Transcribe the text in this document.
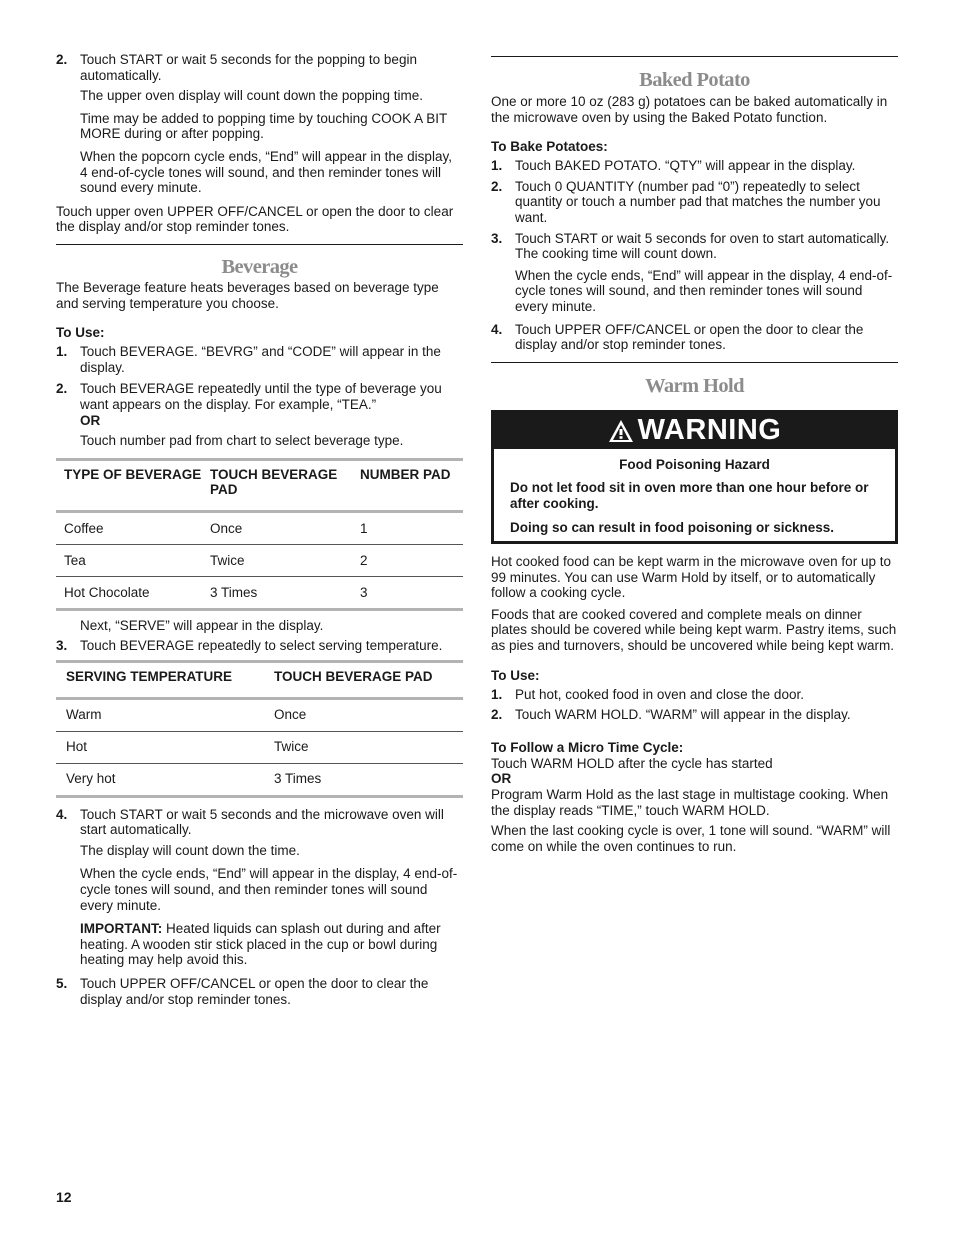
2. Touch START or wait 5 seconds for the popping to begin automatically.

The upper oven display will count down the popping time.

Time may be added to popping time by touching COOK A BIT MORE during or after popping.

When the popcorn cycle ends, “End” will appear in the display, 4 end-of-cycle tones will sound, and then reminder tones will sound every minute.

Touch upper oven UPPER OFF/CANCEL or open the door to clear the display and/or stop reminder tones.

Beverage

The Beverage feature heats beverages based on beverage type and serving temperature you choose.

To Use:
1. Touch BEVERAGE. “BEVRG” and “CODE” will appear in the display.

2. Touch BEVERAGE repeatedly until the type of beverage you want appears on the display. For example, “TEA.”

OR

Touch number pad from chart to select beverage type.

TYPE OF BEVERAGE	TOUCH BEVERAGE PAD	NUMBER PAD
Coffee	Once	1
Tea	Twice	2
Hot Chocolate	3 Times	3

Next, “SERVE” will appear in the display.

3. Touch BEVERAGE repeatedly to select serving temperature.

SERVING TEMPERATURE	TOUCH BEVERAGE PAD
Warm	Once
Hot	Twice
Very hot	3 Times
4. Touch START or wait 5 seconds and the microwave oven will start automatically.

The display will count down the time.

When the cycle ends, “End” will appear in the display, 4 end-of-cycle tones will sound, and then reminder tones will sound every minute.

IMPORTANT: Heated liquids can splash out during and after heating. A wooden stir stick placed in the cup or bowl during heating may help avoid this.

5. Touch UPPER OFF/CANCEL or open the door to clear the display and/or stop reminder tones.

Baked Potato

One or more 10 oz (283 g) potatoes can be baked automatically in the microwave oven by using the Baked Potato function.

To Bake Potatoes:
1. Touch BAKED POTATO. “QTY” will appear in the display.

2. Touch 0 QUANTITY (number pad “0”) repeatedly to select quantity or touch a number pad that matches the number you want.

3. Touch START or wait 5 seconds for oven to start automatically. The cooking time will count down.

When the cycle ends, “End” will appear in the display, 4 end-of-cycle tones will sound, and then reminder tones will sound every minute.

4. Touch UPPER OFF/CANCEL or open the door to clear the display and/or stop reminder tones.

Warm Hold
WARNING

Food Poisoning Hazard

Do not let food sit in oven more than one hour before or after cooking.

Doing so can result in food poisoning or sickness.

Hot cooked food can be kept warm in the microwave oven for up to 99 minutes. You can use Warm Hold by itself, or to automatically follow a cooking cycle.

Foods that are cooked covered and complete meals on dinner plates should be covered while being kept warm. Pastry items, such as pies and turnovers, should be uncovered while being kept warm.

To Use:
1. Put hot, cooked food in oven and close the door.

2. Touch WARM HOLD. “WARM” will appear in the display.

To Follow a Micro Time Cycle:

Touch WARM HOLD after the cycle has started

OR

Program Warm Hold as the last stage in multistage cooking. When the display reads “TIME,” touch WARM HOLD.

When the last cooking cycle is over, 1 tone will sound. “WARM” will come on while the oven continues to run.

12
